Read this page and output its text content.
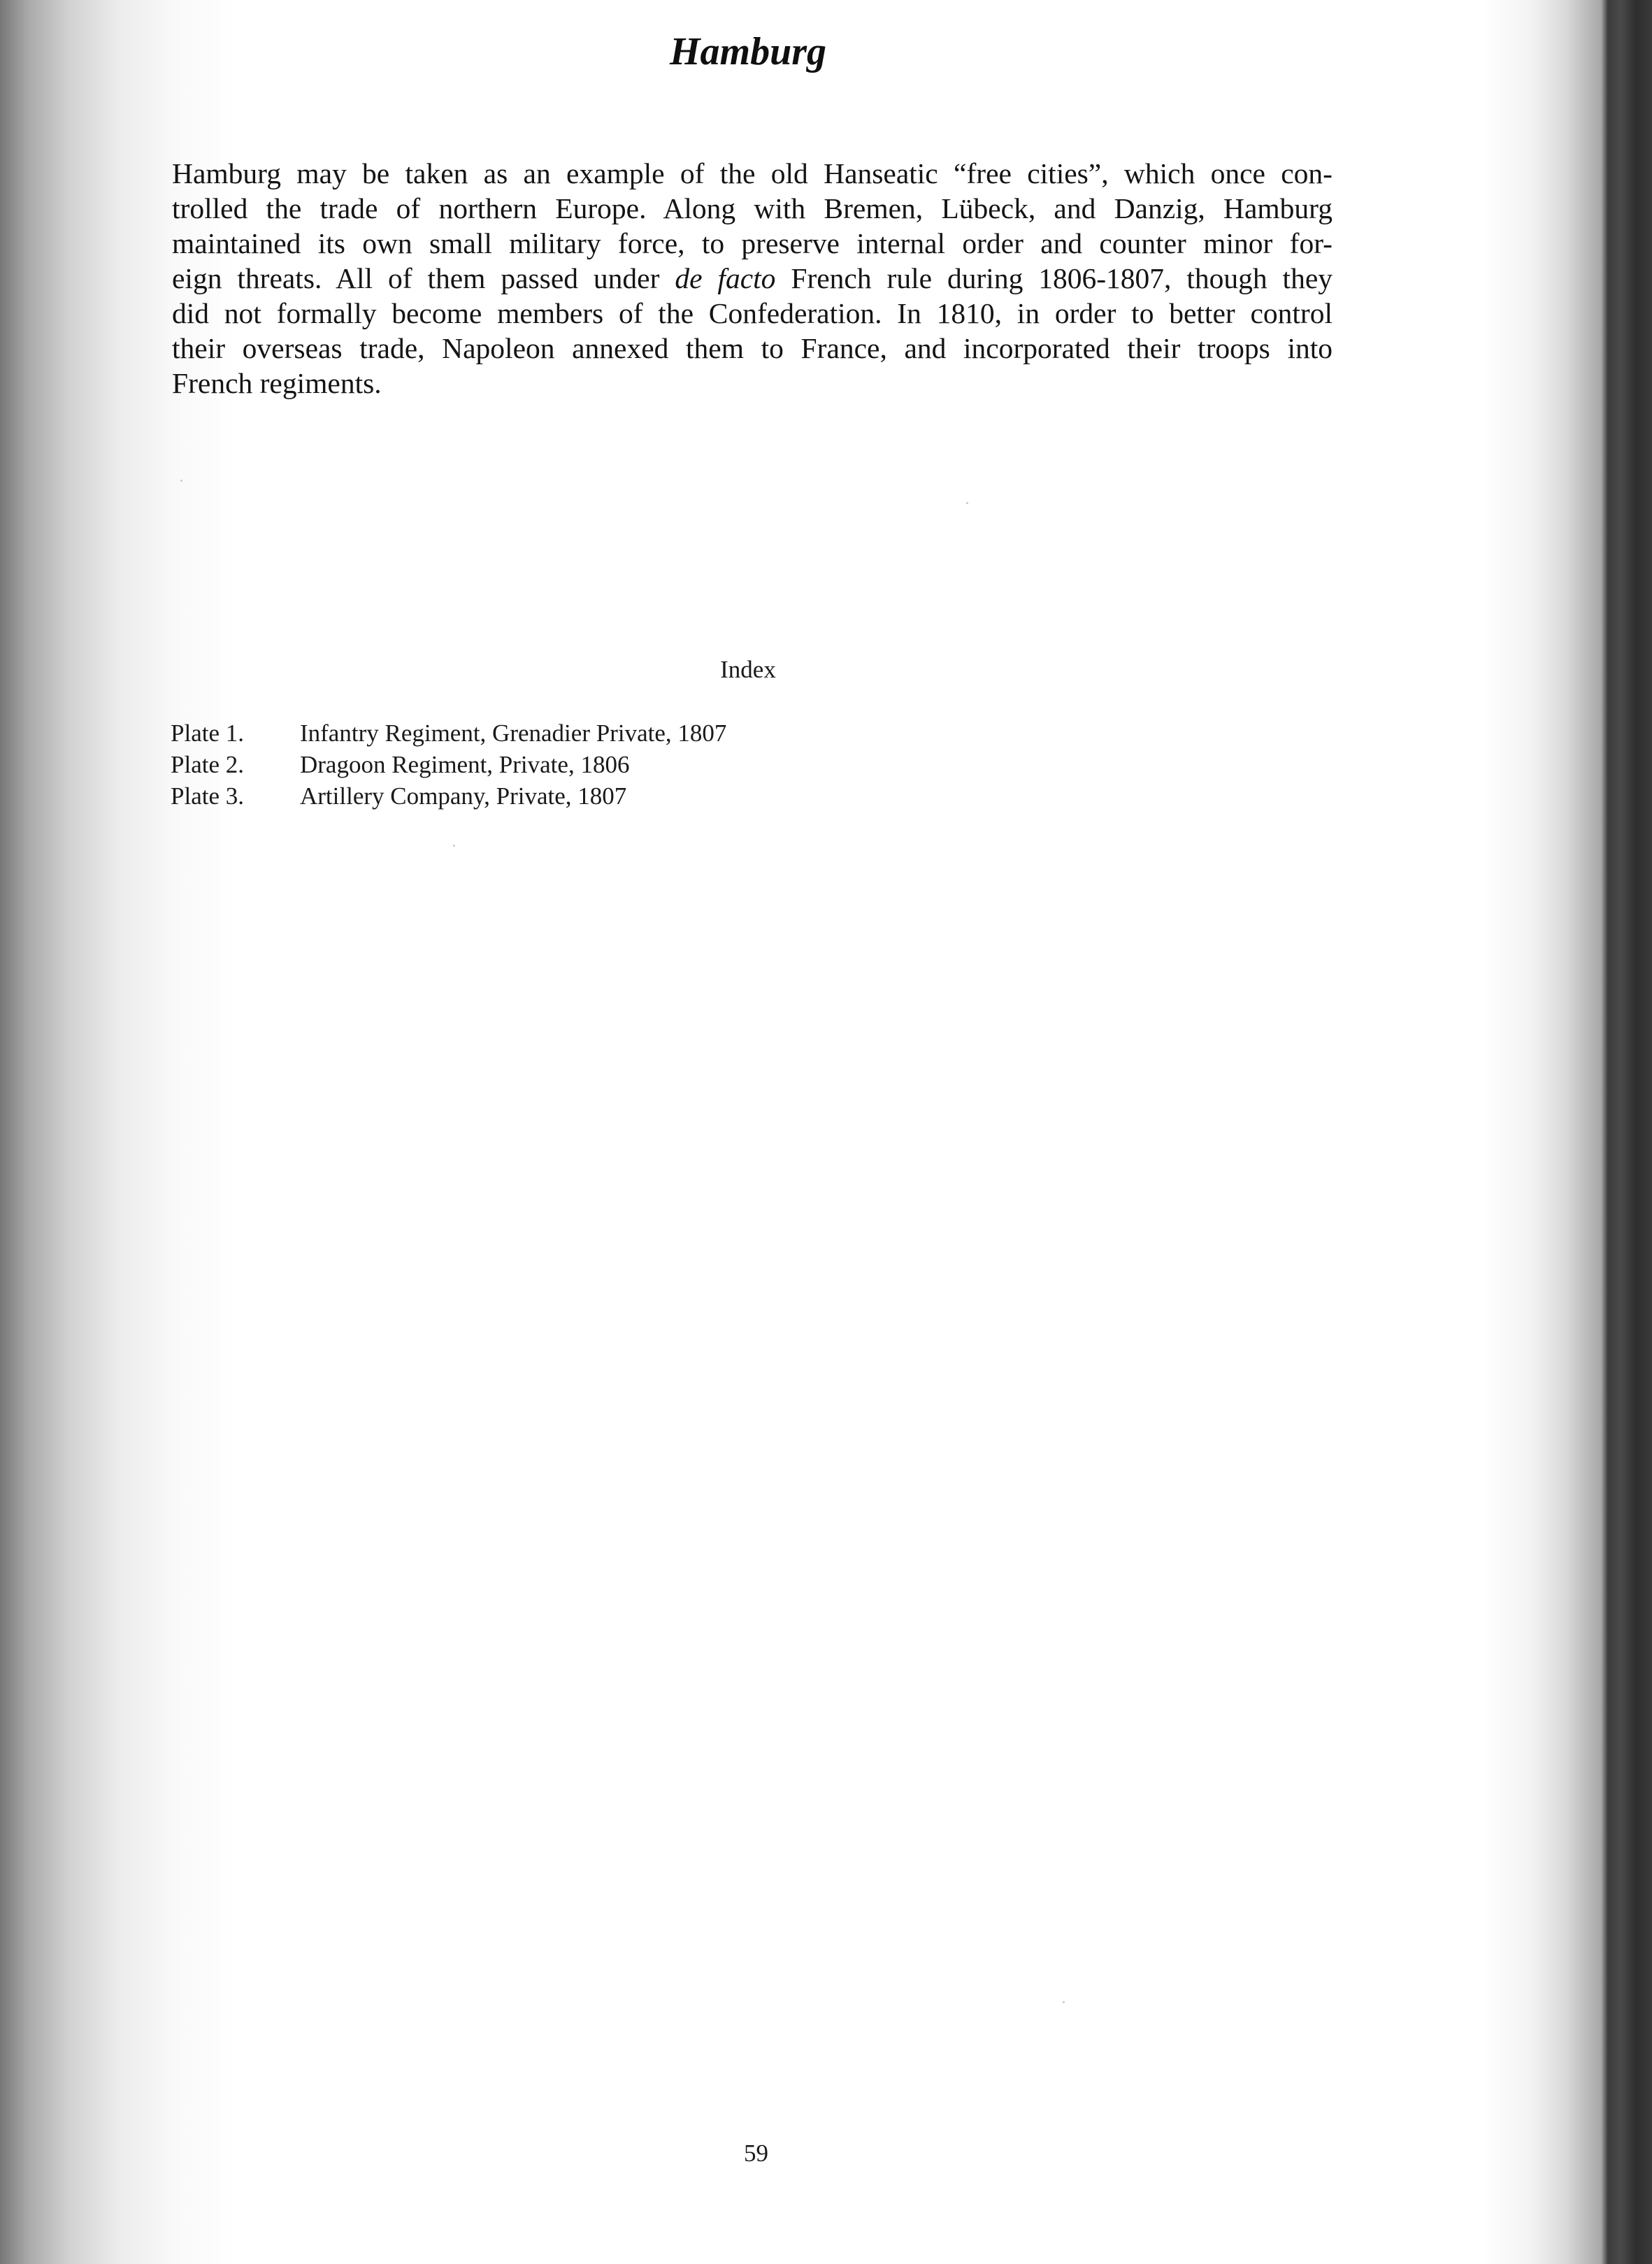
Hamburg
Hamburg may be taken as an example of the old Hanseatic “free cities”, which once con-
trolled the trade of northern Europe. Along with Bremen, Lübeck, and Danzig, Hamburg
maintained its own small military force, to preserve internal order and counter minor for-
eign threats. All of them passed under de facto French rule during 1806-1807, though they
did not formally become members of the Confederation. In 1810, in order to better control
their overseas trade, Napoleon annexed them to France, and incorporated their troops into
French regiments.
Index
Plate 1.	Infantry Regiment, Grenadier Private, 1807
Plate 2.	Dragoon Regiment, Private, 1806
Plate 3.	Artillery Company, Private, 1807
59
